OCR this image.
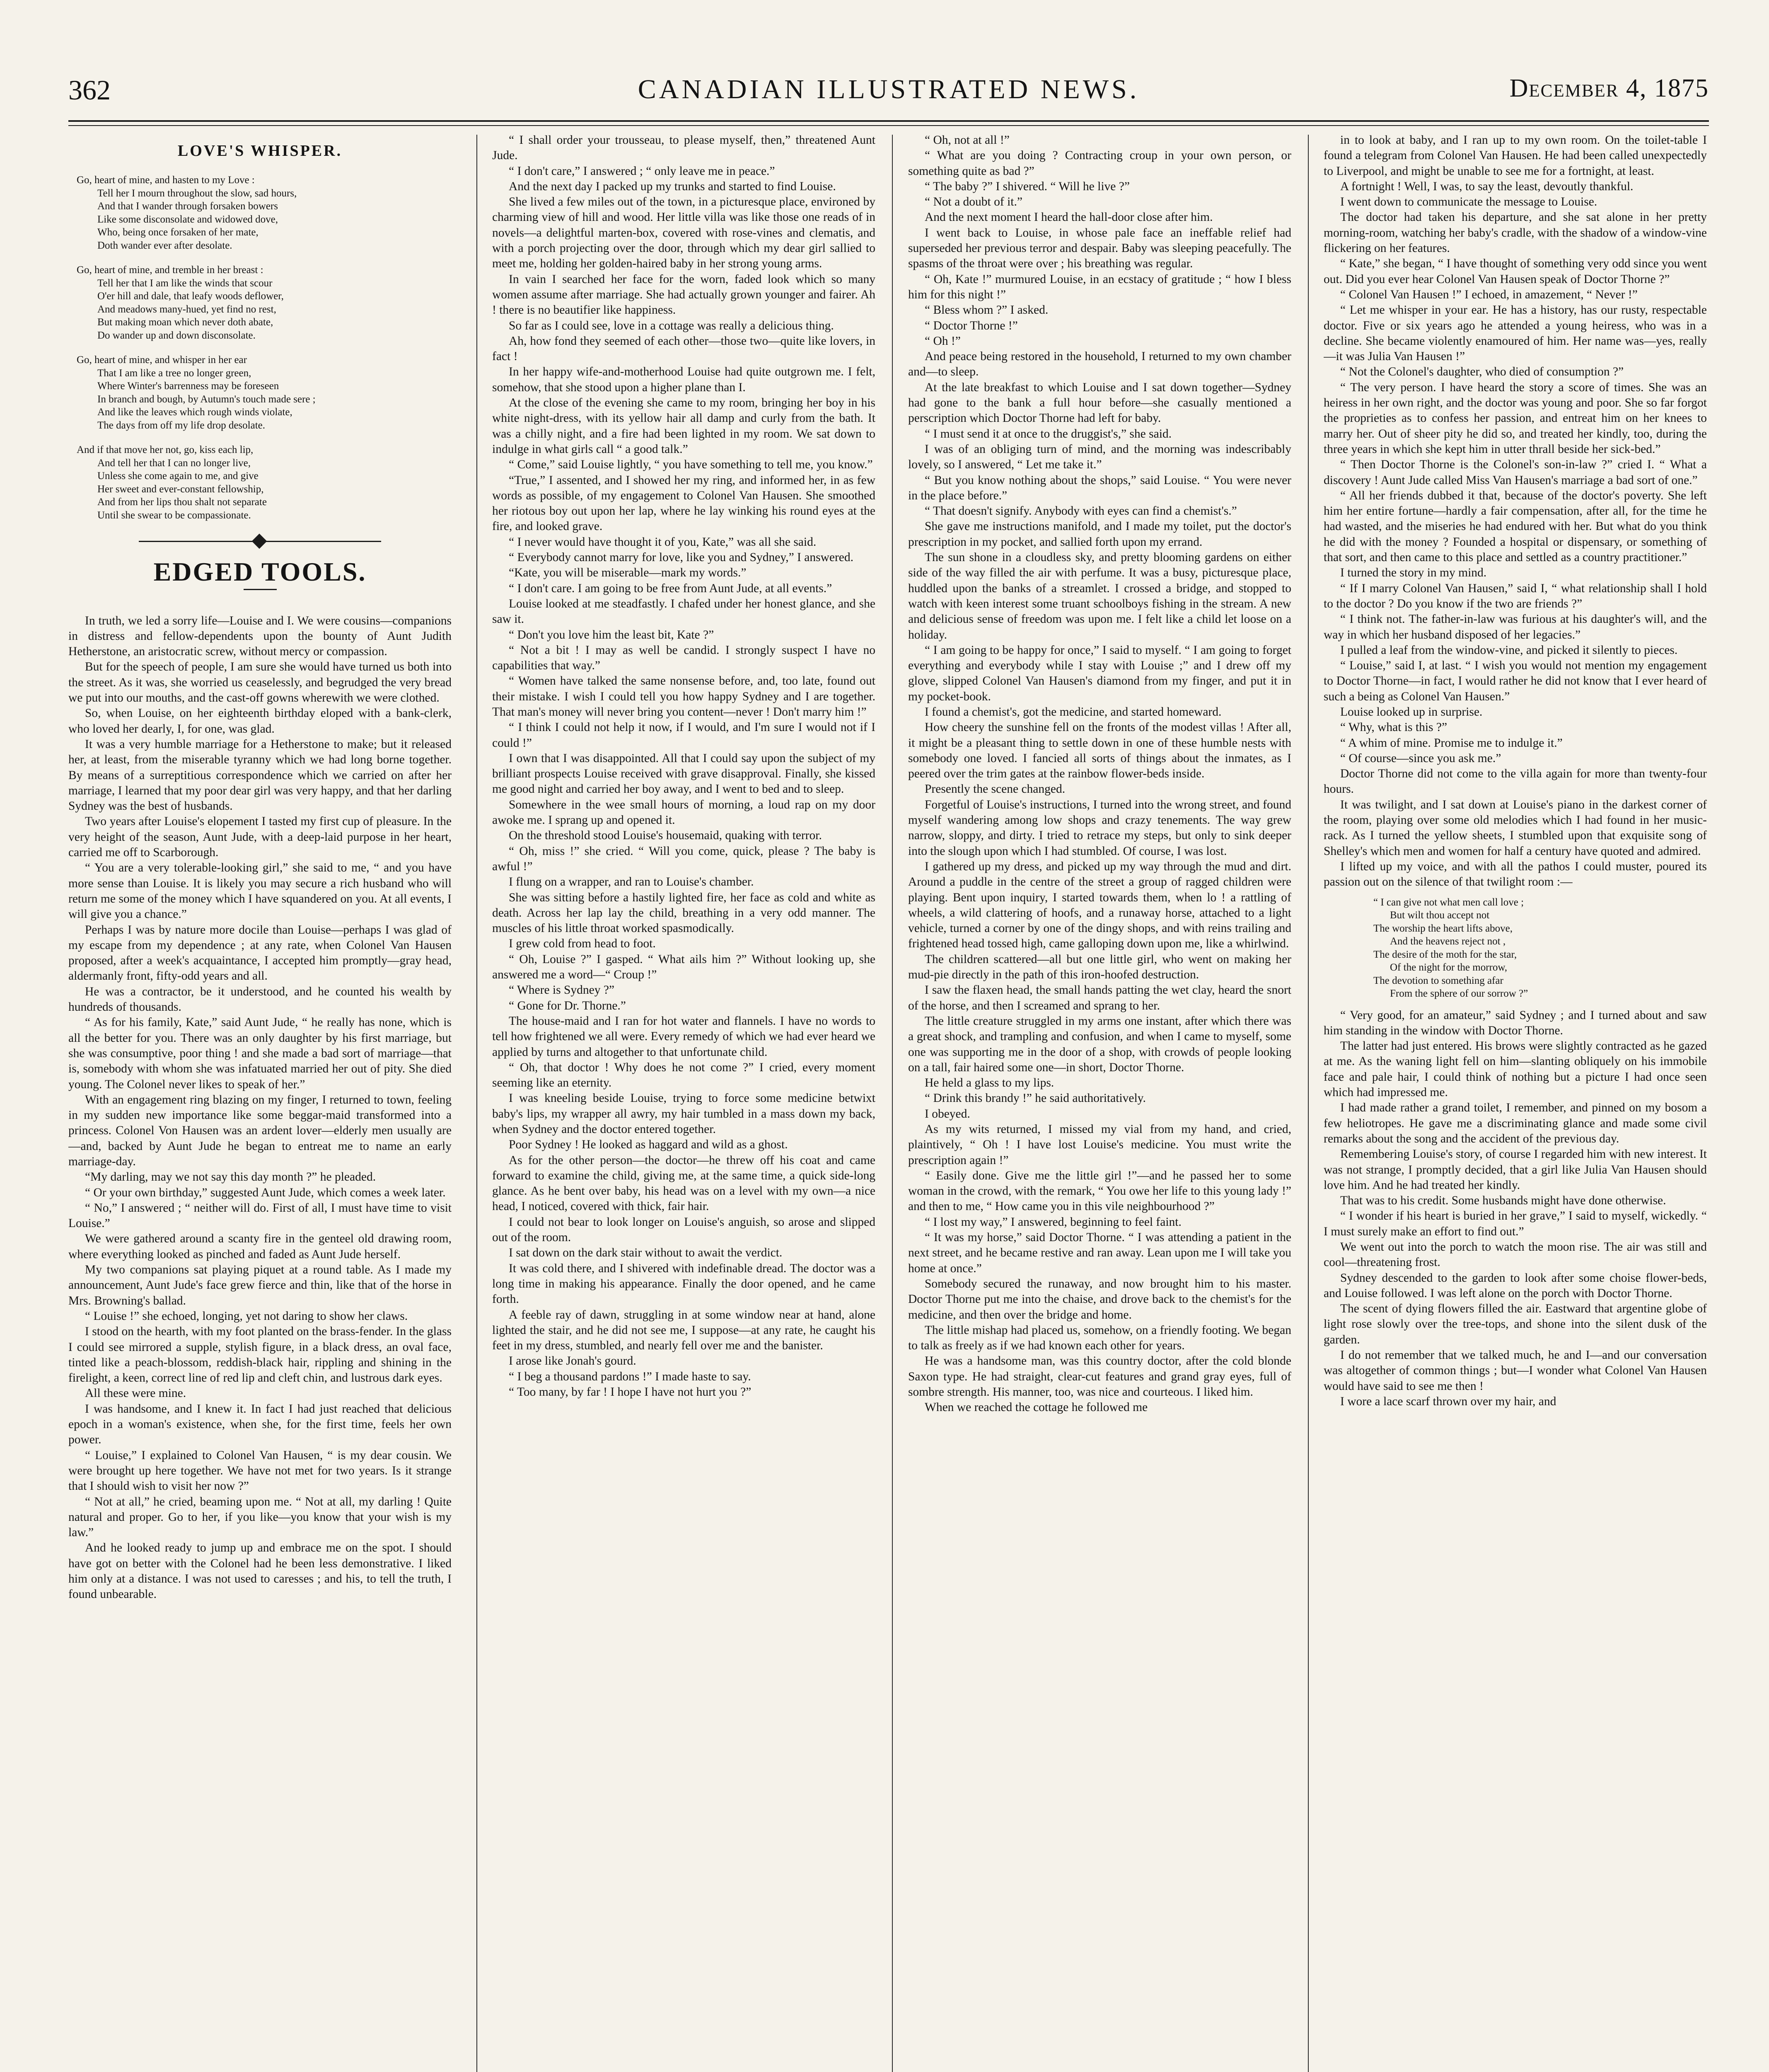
362	CANADIAN ILLUSTRATED NEWS.	December 4, 1875
LOVE'S WHISPER.
Go, heart of mine, and hasten to my Love :
Tell her I mourn throughout the slow, sad hours,
And that I wander through forsaken bowers
Like some disconsolate and widowed dove,
Who, being once forsaken of her mate,
Doth wander ever after desolate.
Go, heart of mine, and tremble in her breast :
Tell her that I am like the winds that scour
O'er hill and dale, that leafy woods deflower,
And meadows many-hued, yet find no rest,
But making moan which never doth abate,
Do wander up and down disconsolate.
Go, heart of mine, and whisper in her ear
That I am like a tree no longer green,
Where Winter's barrenness may be foreseen
In branch and bough, by Autumn's touch made sere ;
And like the leaves which rough winds violate,
The days from off my life drop desolate.
And if that move her not, go, kiss each lip,
And tell her that I can no longer live,
Unless she come again to me, and give
Her sweet and ever-constant fellowship,
And from her lips thou shalt not separate
Until she swear to be compassionate.
EDGED TOOLS.

In truth, we led a sorry life—Louise and I. We were cousins—companions in distress and fellow-dependents upon the bounty of Aunt Judith Hetherstone, an aristocratic screw, without mercy or compassion.

But for the speech of people, I am sure she would have turned us both into the street. As it was, she worried us ceaselessly, and begrudged the very bread we put into our mouths, and the cast-off gowns wherewith we were clothed.

So, when Louise, on her eighteenth birthday eloped with a bank-clerk, who loved her dearly, I, for one, was glad.

It was a very humble marriage for a Hetherstone to make; but it released her, at least, from the miserable tyranny which we had long borne together. By means of a surreptitious correspondence which we carried on after her marriage, I learned that my poor dear girl was very happy, and that her darling Sydney was the best of husbands.

Two years after Louise's elopement I tasted my first cup of pleasure. In the very height of the season, Aunt Jude, with a deep-laid purpose in her heart, carried me off to Scarborough.

“ You are a very tolerable-looking girl,” she said to me, “ and you have more sense than Louise. It is likely you may secure a rich husband who will return me some of the money which I have squandered on you. At all events, I will give you a chance.”

Perhaps I was by nature more docile than Louise—perhaps I was glad of my escape from my dependence ; at any rate, when Colonel Van Hausen proposed, after a week's acquaintance, I accepted him promptly—gray head, aldermanly front, fifty-odd years and all.

He was a contractor, be it understood, and he counted his wealth by hundreds of thousands.

“ As for his family, Kate,” said Aunt Jude, “ he really has none, which is all the better for you. There was an only daughter by his first marriage, but she was consumptive, poor thing ! and she made a bad sort of marriage—that is, somebody with whom she was infatuated married her out of pity. She died young. The Colonel never likes to speak of her.”

With an engagement ring blazing on my finger, I returned to town, feeling in my sudden new importance like some beggar-maid transformed into a princess. Colonel Von Hausen was an ardent lover—elderly men usually are—and, backed by Aunt Jude he began to entreat me to name an early marriage-day.

“My darling, may we not say this day month ?” he pleaded.

“ Or your own birthday,” suggested Aunt Jude, which comes a week later.

“ No,” I answered ; “ neither will do. First of all, I must have time to visit Louise.”

We were gathered around a scanty fire in the genteel old drawing room, where everything looked as pinched and faded as Aunt Jude herself.

My two companions sat playing piquet at a round table. As I made my announcement, Aunt Jude's face grew fierce and thin, like that of the horse in Mrs. Browning's ballad.

“ Louise !” she echoed, longing, yet not daring to show her claws.

I stood on the hearth, with my foot planted on the brass-fender. In the glass I could see mirrored a supple, stylish figure, in a black dress, an oval face, tinted like a peach-blossom, reddish-black hair, rippling and shining in the firelight, a keen, correct line of red lip and cleft chin, and lustrous dark eyes.

All these were mine.

I was handsome, and I knew it. In fact I had just reached that delicious epoch in a woman's existence, when she, for the first time, feels her own power.

“ Louise,” I explained to Colonel Van Hausen, “ is my dear cousin. We were brought up here together. We have not met for two years. Is it strange that I should wish to visit her now ?”

“ Not at all,” he cried, beaming upon me. “ Not at all, my darling ! Quite natural and proper. Go to her, if you like—you know that your wish is my law.”

And he looked ready to jump up and embrace me on the spot. I should have got on better with the Colonel had he been less demonstrative. I liked him only at a distance. I was not used to caresses ; and his, to tell the truth, I found unbearable.

“ I shall order your trousseau, to please myself, then,” threatened Aunt Jude.

“ I don't care,” I answered ; “ only leave me in peace.”

And the next day I packed up my trunks and started to find Louise.

She lived a few miles out of the town, in a picturesque place, environed by charming view of hill and wood. Her little villa was like those one reads of in novels—a delightful marten-box, covered with rose-vines and clematis, and with a porch projecting over the door, through which my dear girl sallied to meet me, holding her golden-haired baby in her strong young arms.

In vain I searched her face for the worn, faded look which so many women assume after marriage. She had actually grown younger and fairer. Ah ! there is no beautifier like happiness.

So far as I could see, love in a cottage was really a delicious thing.

Ah, how fond they seemed of each other—those two—quite like lovers, in fact !

In her happy wife-and-motherhood Louise had quite outgrown me. I felt, somehow, that she stood upon a higher plane than I.

At the close of the evening she came to my room, bringing her boy in his white night-dress, with its yellow hair all damp and curly from the bath. It was a chilly night, and a fire had been lighted in my room. We sat down to indulge in what girls call “ a good talk.”

“ Come,” said Louise lightly, “ you have something to tell me, you know.”

“True,” I assented, and I showed her my ring, and informed her, in as few words as possible, of my engagement to Colonel Van Hausen. She smoothed her riotous boy out upon her lap, where he lay winking his round eyes at the fire, and looked grave.

“ I never would have thought it of you, Kate,” was all she said.

“ Everybody cannot marry for love, like you and Sydney,” I answered.

“Kate, you will be miserable—mark my words.”

“ I don't care. I am going to be free from Aunt Jude, at all events.”

Louise looked at me steadfastly. I chafed under her honest glance, and she saw it.

“ Don't you love him the least bit, Kate ?”

“ Not a bit ! I may as well be candid. I strongly suspect I have no capabilities that way.”

“ Women have talked the same nonsense before, and, too late, found out their mistake. I wish I could tell you how happy Sydney and I are together. That man's money will never bring you content—never ! Don't marry him !”

“ I think I could not help it now, if I would, and I'm sure I would not if I could !”

I own that I was disappointed. All that I could say upon the subject of my brilliant prospects Louise received with grave disapproval. Finally, she kissed me good night and carried her boy away, and I went to bed and to sleep.

Somewhere in the wee small hours of morning, a loud rap on my door awoke me. I sprang up and opened it.

On the threshold stood Louise's housemaid, quaking with terror.

“ Oh, miss !” she cried. “ Will you come, quick, please ? The baby is awful !”

I flung on a wrapper, and ran to Louise's chamber.

She was sitting before a hastily lighted fire, her face as cold and white as death. Across her lap lay the child, breathing in a very odd manner. The muscles of his little throat worked spasmodically.

I grew cold from head to foot.

“ Oh, Louise ?” I gasped. “ What ails him ?” Without looking up, she answered me a word—“ Croup !”

“ Where is Sydney ?”

“ Gone for Dr. Thorne.”

The house-maid and I ran for hot water and flannels. I have no words to tell how frightened we all were. Every remedy of which we had ever heard we applied by turns and altogether to that unfortunate child.

“ Oh, that doctor ! Why does he not come ?” I cried, every moment seeming like an eternity.

I was kneeling beside Louise, trying to force some medicine betwixt baby's lips, my wrapper all awry, my hair tumbled in a mass down my back, when Sydney and the doctor entered together.

Poor Sydney ! He looked as haggard and wild as a ghost.

As for the other person—the doctor—he threw off his coat and came forward to examine the child, giving me, at the same time, a quick side-long glance. As he bent over baby, his head was on a level with my own—a nice head, I noticed, covered with thick, fair hair.

I could not bear to look longer on Louise's anguish, so arose and slipped out of the room.

I sat down on the dark stair without to await the verdict.

It was cold there, and I shivered with indefinable dread. The doctor was a long time in making his appearance. Finally the door opened, and he came forth.

A feeble ray of dawn, struggling in at some window near at hand, alone lighted the stair, and he did not see me, I suppose—at any rate, he caught his feet in my dress, stumbled, and nearly fell over me and the banister.

I arose like Jonah's gourd.

“ I beg a thousand pardons !” I made haste to say.

“ Too many, by far ! I hope I have not hurt you ?”

“ Oh, not at all !”

“ What are you doing ? Contracting croup in your own person, or something quite as bad ?”

“ The baby ?” I shivered. “ Will he live ?”

“ Not a doubt of it.”

And the next moment I heard the hall-door close after him.

I went back to Louise, in whose pale face an ineffable relief had superseded her previous terror and despair. Baby was sleeping peacefully. The spasms of the throat were over ; his breathing was regular.

“ Oh, Kate !” murmured Louise, in an ecstacy of gratitude ; “ how I bless him for this night !”

“ Bless whom ?” I asked.

“ Doctor Thorne !”

“ Oh !”

And peace being restored in the household, I returned to my own chamber and—to sleep.

At the late breakfast to which Louise and I sat down together—Sydney had gone to the bank a full hour before—she casually mentioned a perscription which Doctor Thorne had left for baby.

“ I must send it at once to the druggist's,” she said.

I was of an obliging turn of mind, and the morning was indescribably lovely, so I answered, “ Let me take it.”

“ But you know nothing about the shops,” said Louise. “ You were never in the place before.”

“ That doesn't signify. Anybody with eyes can find a chemist's.”

She gave me instructions manifold, and I made my toilet, put the doctor's prescription in my pocket, and sallied forth upon my errand.

The sun shone in a cloudless sky, and pretty blooming gardens on either side of the way filled the air with perfume. It was a busy, picturesque place, huddled upon the banks of a streamlet. I crossed a bridge, and stopped to watch with keen interest some truant schoolboys fishing in the stream. A new and delicious sense of freedom was upon me. I felt like a child let loose on a holiday.

“ I am going to be happy for once,” I said to myself. “ I am going to forget everything and everybody while I stay with Louise ;” and I drew off my glove, slipped Colonel Van Hausen's diamond from my finger, and put it in my pocket-book.

I found a chemist's, got the medicine, and started homeward.

How cheery the sunshine fell on the fronts of the modest villas ! After all, it might be a pleasant thing to settle down in one of these humble nests with somebody one loved. I fancied all sorts of things about the inmates, as I peered over the trim gates at the rainbow flower-beds inside.

Presently the scene changed.

Forgetful of Louise's instructions, I turned into the wrong street, and found myself wandering among low shops and crazy tenements. The way grew narrow, sloppy, and dirty. I tried to retrace my steps, but only to sink deeper into the slough upon which I had stumbled. Of course, I was lost.

I gathered up my dress, and picked up my way through the mud and dirt. Around a puddle in the centre of the street a group of ragged children were playing. Bent upon inquiry, I started towards them, when lo ! a rattling of wheels, a wild clattering of hoofs, and a runaway horse, attached to a light vehicle, turned a corner by one of the dingy shops, and with reins trailing and frightened head tossed high, came galloping down upon me, like a whirlwind.

The children scattered—all but one little girl, who went on making her mud-pie directly in the path of this iron-hoofed destruction.

I saw the flaxen head, the small hands patting the wet clay, heard the snort of the horse, and then I screamed and sprang to her.

The little creature struggled in my arms one instant, after which there was a great shock, and trampling and confusion, and when I came to myself, some one was supporting me in the door of a shop, with crowds of people looking on a tall, fair haired some one—in short, Doctor Thorne.

He held a glass to my lips.

“ Drink this brandy !” he said authoritatively.

I obeyed.

As my wits returned, I missed my vial from my hand, and cried, plaintively, “ Oh ! I have lost Louise's medicine. You must write the prescription again !”

“ Easily done. Give me the little girl !”—and he passed her to some woman in the crowd, with the remark, “ You owe her life to this young lady !” and then to me, “ How came you in this vile neighbourhood ?”

“ I lost my way,” I answered, beginning to feel faint.

“ It was my horse,” said Doctor Thorne. “ I was attending a patient in the next street, and he became restive and ran away. Lean upon me I will take you home at once.”

Somebody secured the runaway, and now brought him to his master. Doctor Thorne put me into the chaise, and drove back to the chemist's for the medicine, and then over the bridge and home.

The little mishap had placed us, somehow, on a friendly footing. We began to talk as freely as if we had known each other for years.

He was a handsome man, was this country doctor, after the cold blonde Saxon type. He had straight, clear-cut features and grand gray eyes, full of sombre strength. His manner, too, was nice and courteous. I liked him.

When we reached the cottage he followed me

in to look at baby, and I ran up to my own room. On the toilet-table I found a telegram from Colonel Van Hausen. He had been called unexpectedly to Liverpool, and might be unable to see me for a fortnight, at least.

A fortnight ! Well, I was, to say the least, devoutly thankful.

I went down to communicate the message to Louise.

The doctor had taken his departure, and she sat alone in her pretty morning-room, watching her baby's cradle, with the shadow of a window-vine flickering on her features.

“ Kate,” she began, “ I have thought of something very odd since you went out. Did you ever hear Colonel Van Hausen speak of Doctor Thorne ?”

“ Colonel Van Hausen !” I echoed, in amazement, “ Never !”

“ Let me whisper in your ear. He has a history, has our rusty, respectable doctor. Five or six years ago he attended a young heiress, who was in a decline. She became violently enamoured of him. Her name was—yes, really—it was Julia Van Hausen !”

“ Not the Colonel's daughter, who died of consumption ?”

“ The very person. I have heard the story a score of times. She was an heiress in her own right, and the doctor was young and poor. She so far forgot the proprieties as to confess her passion, and entreat him on her knees to marry her. Out of sheer pity he did so, and treated her kindly, too, during the three years in which she kept him in utter thrall beside her sick-bed.”

“ Then Doctor Thorne is the Colonel's son-in-law ?” cried I. “ What a discovery ! Aunt Jude called Miss Van Hausen's marriage a bad sort of one.”

“ All her friends dubbed it that, because of the doctor's poverty. She left him her entire fortune—hardly a fair compensation, after all, for the time he had wasted, and the miseries he had endured with her. But what do you think he did with the money ? Founded a hospital or dispensary, or something of that sort, and then came to this place and settled as a country practitioner.”

I turned the story in my mind.

“ If I marry Colonel Van Hausen,” said I, “ what relationship shall I hold to the doctor ? Do you know if the two are friends ?”

“ I think not. The father-in-law was furious at his daughter's will, and the way in which her husband disposed of her legacies.”

I pulled a leaf from the window-vine, and picked it silently to pieces.

“ Louise,” said I, at last. “ I wish you would not mention my engagement to Doctor Thorne—in fact, I would rather he did not know that I ever heard of such a being as Colonel Van Hausen.”

Louise looked up in surprise.

“ Why, what is this ?”

“ A whim of mine. Promise me to indulge it.”

“ Of course—since you ask me.”

Doctor Thorne did not come to the villa again for more than twenty-four hours.

It was twilight, and I sat down at Louise's piano in the darkest corner of the room, playing over some old melodies which I had found in her music-rack. As I turned the yellow sheets, I stumbled upon that exquisite song of Shelley's which men and women for half a century have quoted and admired.

I lifted up my voice, and with all the pathos I could muster, poured its passion out on the silence of that twilight room :—

“ I can give not what men call love ;
But wilt thou accept not
The worship the heart lifts above,
And the heavens reject not ,
The desire of the moth for the star,
Of the night for the morrow,
The devotion to something afar
From the sphere of our sorrow ?”

“ Very good, for an amateur,” said Sydney ; and I turned about and saw him standing in the window with Doctor Thorne.

The latter had just entered. His brows were slightly contracted as he gazed at me. As the waning light fell on him—slanting obliquely on his immobile face and pale hair, I could think of nothing but a picture I had once seen which had impressed me.

I had made rather a grand toilet, I remember, and pinned on my bosom a few heliotropes. He gave me a discriminating glance and made some civil remarks about the song and the accident of the previous day.

Remembering Louise's story, of course I regarded him with new interest. It was not strange, I promptly decided, that a girl like Julia Van Hausen should love him. And he had treated her kindly.

That was to his credit. Some husbands might have done otherwise.

“ I wonder if his heart is buried in her grave,” I said to myself, wickedly. “ I must surely make an effort to find out.”

We went out into the porch to watch the moon rise. The air was still and cool—threatening frost.

Sydney descended to the garden to look after some choise flower-beds, and Louise followed. I was left alone on the porch with Doctor Thorne.

The scent of dying flowers filled the air. Eastward that argentine globe of light rose slowly over the tree-tops, and shone into the silent dusk of the garden.

I do not remember that we talked much, he and I—and our conversation was altogether of common things ; but—I wonder what Colonel Van Hausen would have said to see me then !

I wore a lace scarf thrown over my hair, and
